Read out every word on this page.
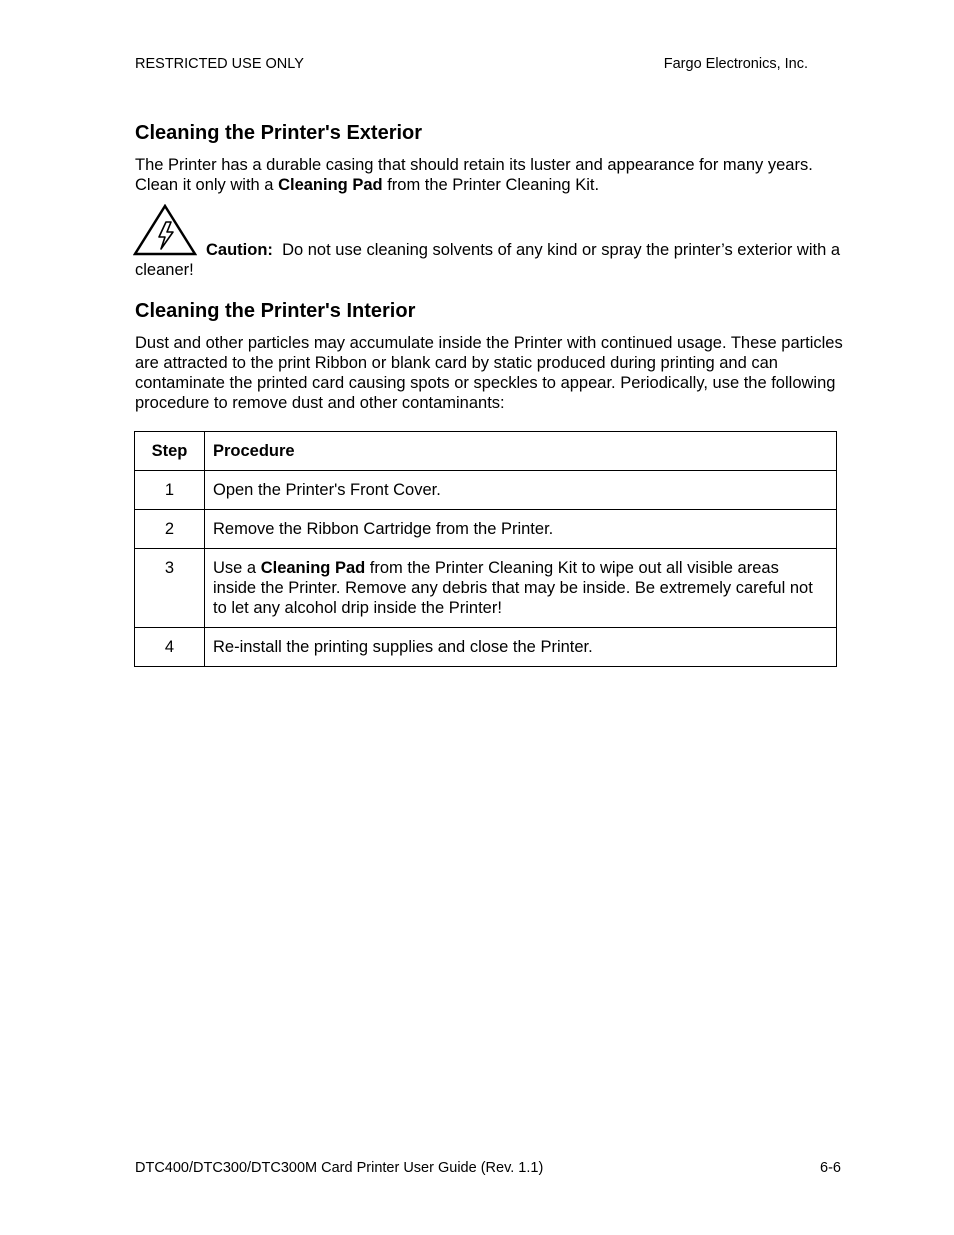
RESTRICTED USE ONLY	Fargo Electronics, Inc.
Cleaning the Printer's Exterior

The Printer has a durable casing that should retain its luster and appearance for many years. Clean it only with a Cleaning Pad from the Printer Cleaning Kit.

Caution:  Do not use cleaning solvents of any kind or spray the printer’s exterior with a cleaner!

Cleaning the Printer's Interior

Dust and other particles may accumulate inside the Printer with continued usage. These particles are attracted to the print Ribbon or blank card by static produced during printing and can contaminate the printed card causing spots or speckles to appear. Periodically, use the following procedure to remove dust and other contaminants:

Step	Procedure

1	Open the Printer's Front Cover.

2	Remove the Ribbon Cartridge from the Printer.

3	Use a Cleaning Pad from the Printer Cleaning Kit to wipe out all visible areas inside the Printer. Remove any debris that may be inside. Be extremely careful not to let any alcohol drip inside the Printer!

4	Re-install the printing supplies and close the Printer.
DTC400/DTC300/DTC300M Card Printer User Guide (Rev. 1.1)	6-6
